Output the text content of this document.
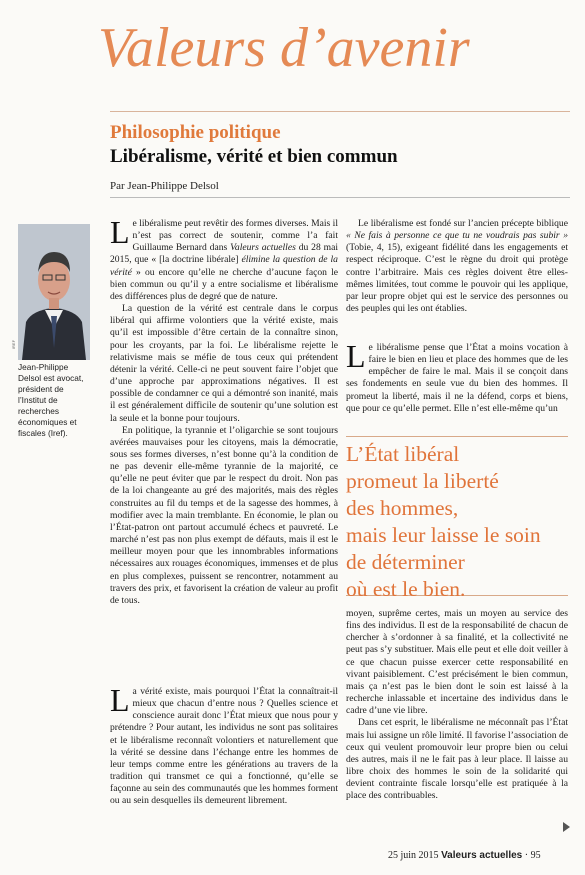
Valeurs d’avenir
Philosophie politique
Libéralisme, vérité et bien commun
Par Jean-Philippe Delsol
IREF
Jean-Philippe
Delsol est avocat, président de l’Institut de recherches économiques et fiscales (Iref).

Le libéralisme peut revêtir des formes diverses. Mais il n’est pas correct de soutenir, comme l’a fait Guillaume Bernard dans Valeurs actuelles du 28 mai 2015, que « [la doctrine libérale] élimine la question de la vérité » ou encore qu’elle ne cherche d’aucune façon le bien commun ou qu’il y a entre socialisme et libéralisme des différences plus de degré que de nature.

La question de la vérité est centrale dans le corpus libéral qui affirme volontiers que la vérité existe, mais qu’il est impossible d’être certain de la connaître sinon, pour les croyants, par la foi. Le libéralisme rejette le relativisme mais se méfie de tous ceux qui prétendent détenir la vérité. Celle-ci ne peut souvent faire l’objet que d’une approche par approximations négatives. Il est possible de condamner ce qui a démontré son inanité, mais il est généralement difficile de soutenir qu’une solution est la seule et la bonne pour toujours.

En politique, la tyrannie et l’oligarchie se sont toujours avérées mauvaises pour les citoyens, mais la démocratie, sous ses formes diverses, n’est bonne qu’à la condition de ne pas devenir elle-même tyrannie de la majorité, ce qu’elle ne peut éviter que par le respect du droit. Non pas de la loi changeante au gré des majorités, mais des règles construites au fil du temps et de la sagesse des hommes, à modifier avec la main tremblante. En économie, le plan ou l’État-patron ont partout accumulé échecs et pauvreté. Le marché n’est pas non plus exempt de défauts, mais il est le meilleur moyen pour que les innombrables informations nécessaires aux rouages économiques, immenses et de plus en plus complexes, puissent se rencontrer, notamment au travers des prix, et favorisent la création de valeur au profit de tous.

La vérité existe, mais pourquoi l’État la connaîtrait-il mieux que chacun d’entre nous ? Quelles science et conscience aurait donc l’État mieux que nous pour y prétendre ? Pour autant, les individus ne sont pas solitaires et le libéralisme reconnaît volontiers et naturellement que la vérité se dessine dans l’échange entre les hommes de leur temps comme entre les générations au travers de la tradition qui transmet ce qui a fonctionné, qu’elle se façonne au sein des communautés que les hommes forment ou au sein desquelles ils demeurent librement.

Le libéralisme est fondé sur l’ancien précepte biblique « Ne fais à personne ce que tu ne voudrais pas subir » (Tobie, 4, 15), exigeant fidélité dans les engagements et respect réciproque. C’est le règne du droit qui protège contre l’arbitraire. Mais ces règles doivent être elles-mêmes limitées, tout comme le pouvoir qui les applique, par leur propre objet qui est le service des personnes ou des peuples qui les ont établies.

Le libéralisme pense que l’État a moins vocation à faire le bien en lieu et place des hommes que de les empêcher de faire le mal. Mais il se conçoit dans ses fondements en seule vue du bien des hommes. Il promeut la liberté, mais il ne la défend, corps et biens, que pour ce qu’elle permet. Elle n’est elle-même qu’un

L’État libéral
promeut la liberté
des hommes,
mais leur laisse le soin
de déterminer
où est le bien.

moyen, suprême certes, mais un moyen au service des fins des individus. Il est de la responsabilité de chacun de chercher à s’ordonner à sa finalité, et la collectivité ne peut pas s’y substituer. Mais elle peut et elle doit veiller à ce que chacun puisse exercer cette responsabilité en vivant paisiblement. C’est précisément le bien commun, mais ça n’est pas le bien dont le soin est laissé à la recherche inlassable et incertaine des individus dans le cadre d’une vie libre.

Dans cet esprit, le libéralisme ne méconnaît pas l’État mais lui assigne un rôle limité. Il favorise l’association de ceux qui veulent promouvoir leur propre bien ou celui des autres, mais il ne le fait pas à leur place. Il laisse au libre choix des hommes le soin de la solidarité qui devient contrainte fiscale lorsqu’elle est pratiquée à la place des contribuables.

25 juin 2015 Valeurs actuelles · 95
